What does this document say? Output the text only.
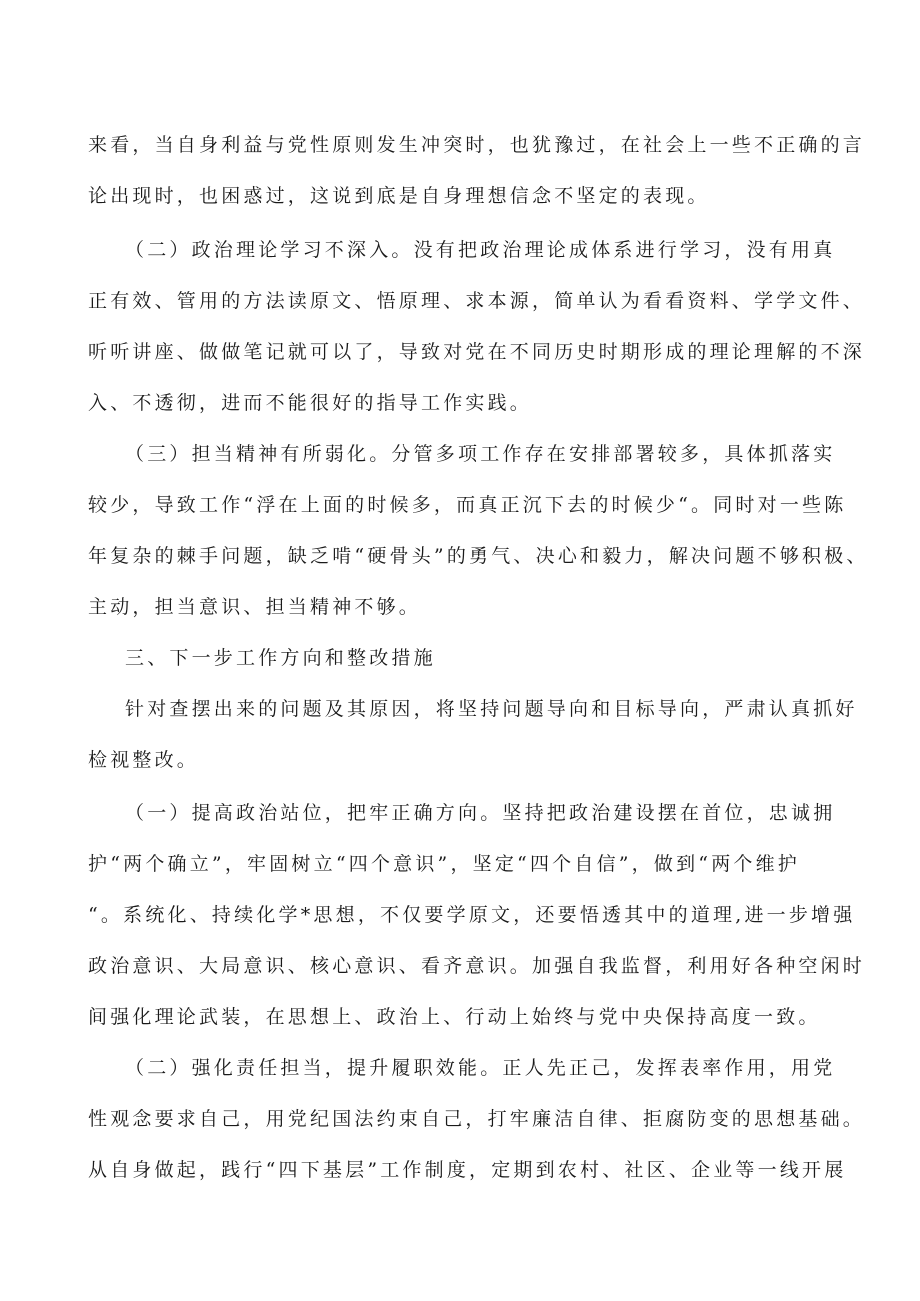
来看，当自身利益与党性原则发生冲突时，也犹豫过，在社会上一些不正确的言
论出现时，也困惑过，这说到底是自身理想信念不坚定的表现。
（二）政治理论学习不深入。没有把政治理论成体系进行学习，没有用真
正有效、管用的方法读原文、悟原理、求本源，简单认为看看资料、学学文件、
听听讲座、做做笔记就可以了，导致对党在不同历史时期形成的理论理解的不深
入、不透彻，进而不能很好的指导工作实践。
（三）担当精神有所弱化。分管多项工作存在安排部署较多，具体抓落实
较少，导致工作“浮在上面的时候多，而真正沉下去的时候少“。同时对一些陈
年复杂的棘手问题，缺乏啃“硬骨头”的勇气、决心和毅力，解决问题不够积极、
主动，担当意识、担当精神不够。
三、下一步工作方向和整改措施
针对查摆出来的问题及其原因，将坚持问题导向和目标导向，严肃认真抓好
检视整改。
（一）提高政治站位，把牢正确方向。坚持把政治建设摆在首位，忠诚拥
护“两个确立”，牢固树立“四个意识”，坚定“四个自信”，做到“两个维护
“。系统化、持续化学*思想，不仅要学原文，还要悟透其中的道理,进一步增强
政治意识、大局意识、核心意识、看齐意识。加强自我监督，利用好各种空闲时
间强化理论武装，在思想上、政治上、行动上始终与党中央保持高度一致。
（二）强化责任担当，提升履职效能。正人先正己，发挥表率作用，用党
性观念要求自己，用党纪国法约束自己，打牢廉洁自律、拒腐防变的思想基础。
从自身做起，践行“四下基层”工作制度，定期到农村、社区、企业等一线开展
